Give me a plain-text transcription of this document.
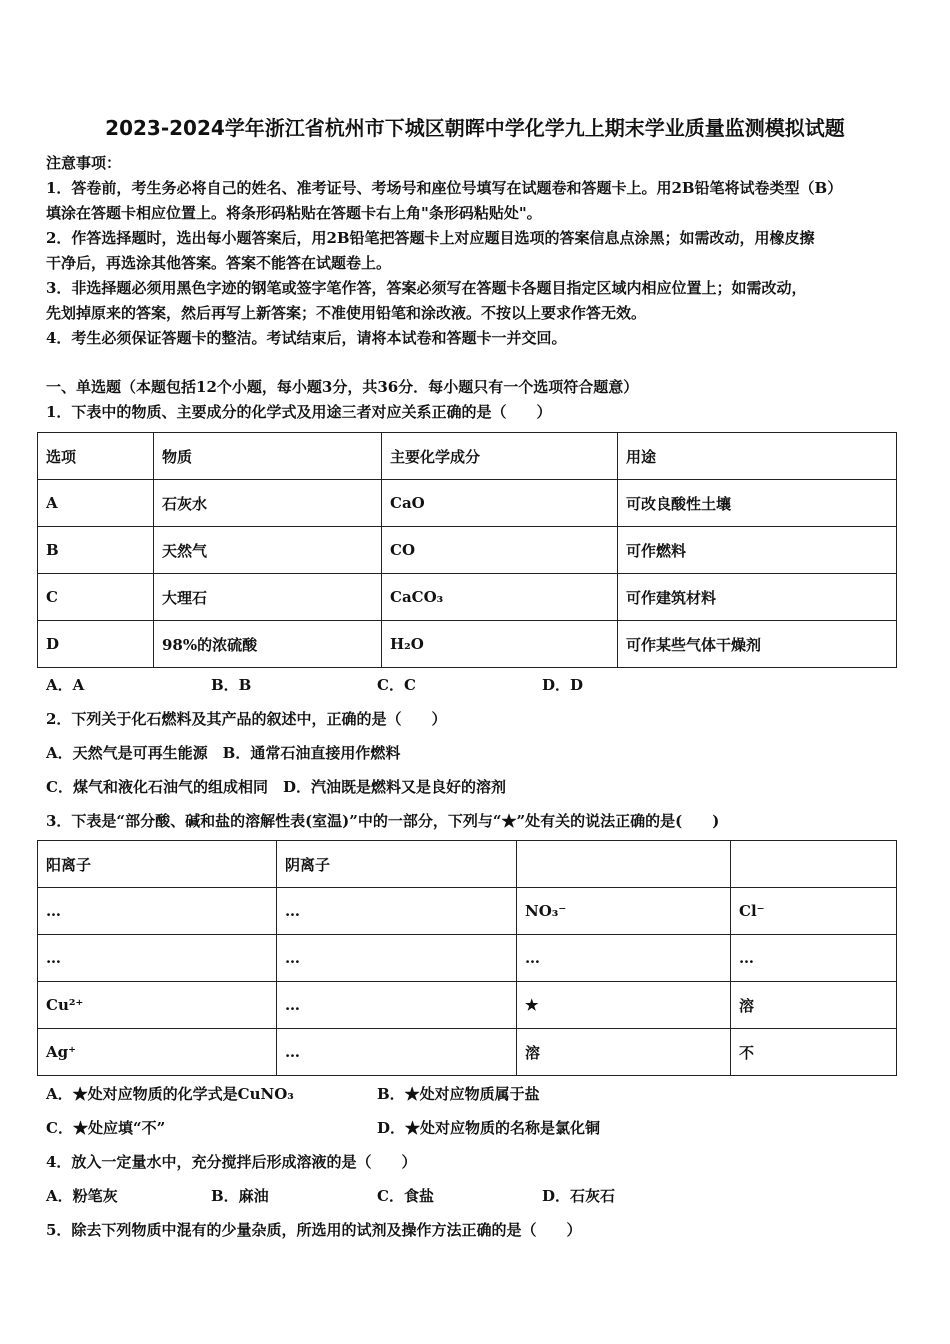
2023-2024学年浙江省杭州市下城区朝晖中学化学九上期末学业质量监测模拟试题
注意事项：
1．答卷前，考生务必将自己的姓名、准考证号、考场号和座位号填写在试题卷和答题卡上。用2B铅笔将试卷类型（B）
填涂在答题卡相应位置上。将条形码粘贴在答题卡右上角"条形码粘贴处"。
2．作答选择题时，选出每小题答案后，用2B铅笔把答题卡上对应题目选项的答案信息点涂黑；如需改动，用橡皮擦
干净后，再选涂其他答案。答案不能答在试题卷上。
3．非选择题必须用黑色字迹的钢笔或签字笔作答，答案必须写在答题卡各题目指定区域内相应位置上；如需改动，
先划掉原来的答案，然后再写上新答案；不准使用铅笔和涂改液。不按以上要求作答无效。
4．考生必须保证答题卡的整洁。考试结束后，请将本试卷和答题卡一并交回。
一、单选题（本题包括12个小题，每小题3分，共36分．每小题只有一个选项符合题意）
1．下表中的物质、主要成分的化学式及用途三者对应关系正确的是（　　）
选项	物质	主要化学成分	用途
A	石灰水	CaO	可改良酸性土壤
B	天然气	CO	可作燃料
C	大理石	CaCO₃	可作建筑材料
D	98%的浓硫酸	H₂O	可作某些气体干燥剂
A．A	B．B	C．C	D．D
2．下列关于化石燃料及其产品的叙述中，正确的是（　　）
A．天然气是可再生能源　B．通常石油直接用作燃料
C．煤气和液化石油气的组成相同　D．汽油既是燃料又是良好的溶剂
3．下表是“部分酸、碱和盐的溶解性表(室温)”中的一部分，下列与“★”处有关的说法正确的是(　　)
阳离子	阴离子		
…	…	NO₃⁻	Cl⁻
…	…	…	…
Cu²⁺	…	★	溶
Ag⁺	…	溶	不
A．★处对应物质的化学式是CuNO₃	B．★处对应物质属于盐
C．★处应填“不”	D．★处对应物质的名称是氯化铜
4．放入一定量水中，充分搅拌后形成溶液的是（　　）
A．粉笔灰	B．麻油	C．食盐	D．石灰石
5．除去下列物质中混有的少量杂质，所选用的试剂及操作方法正确的是（　　）
